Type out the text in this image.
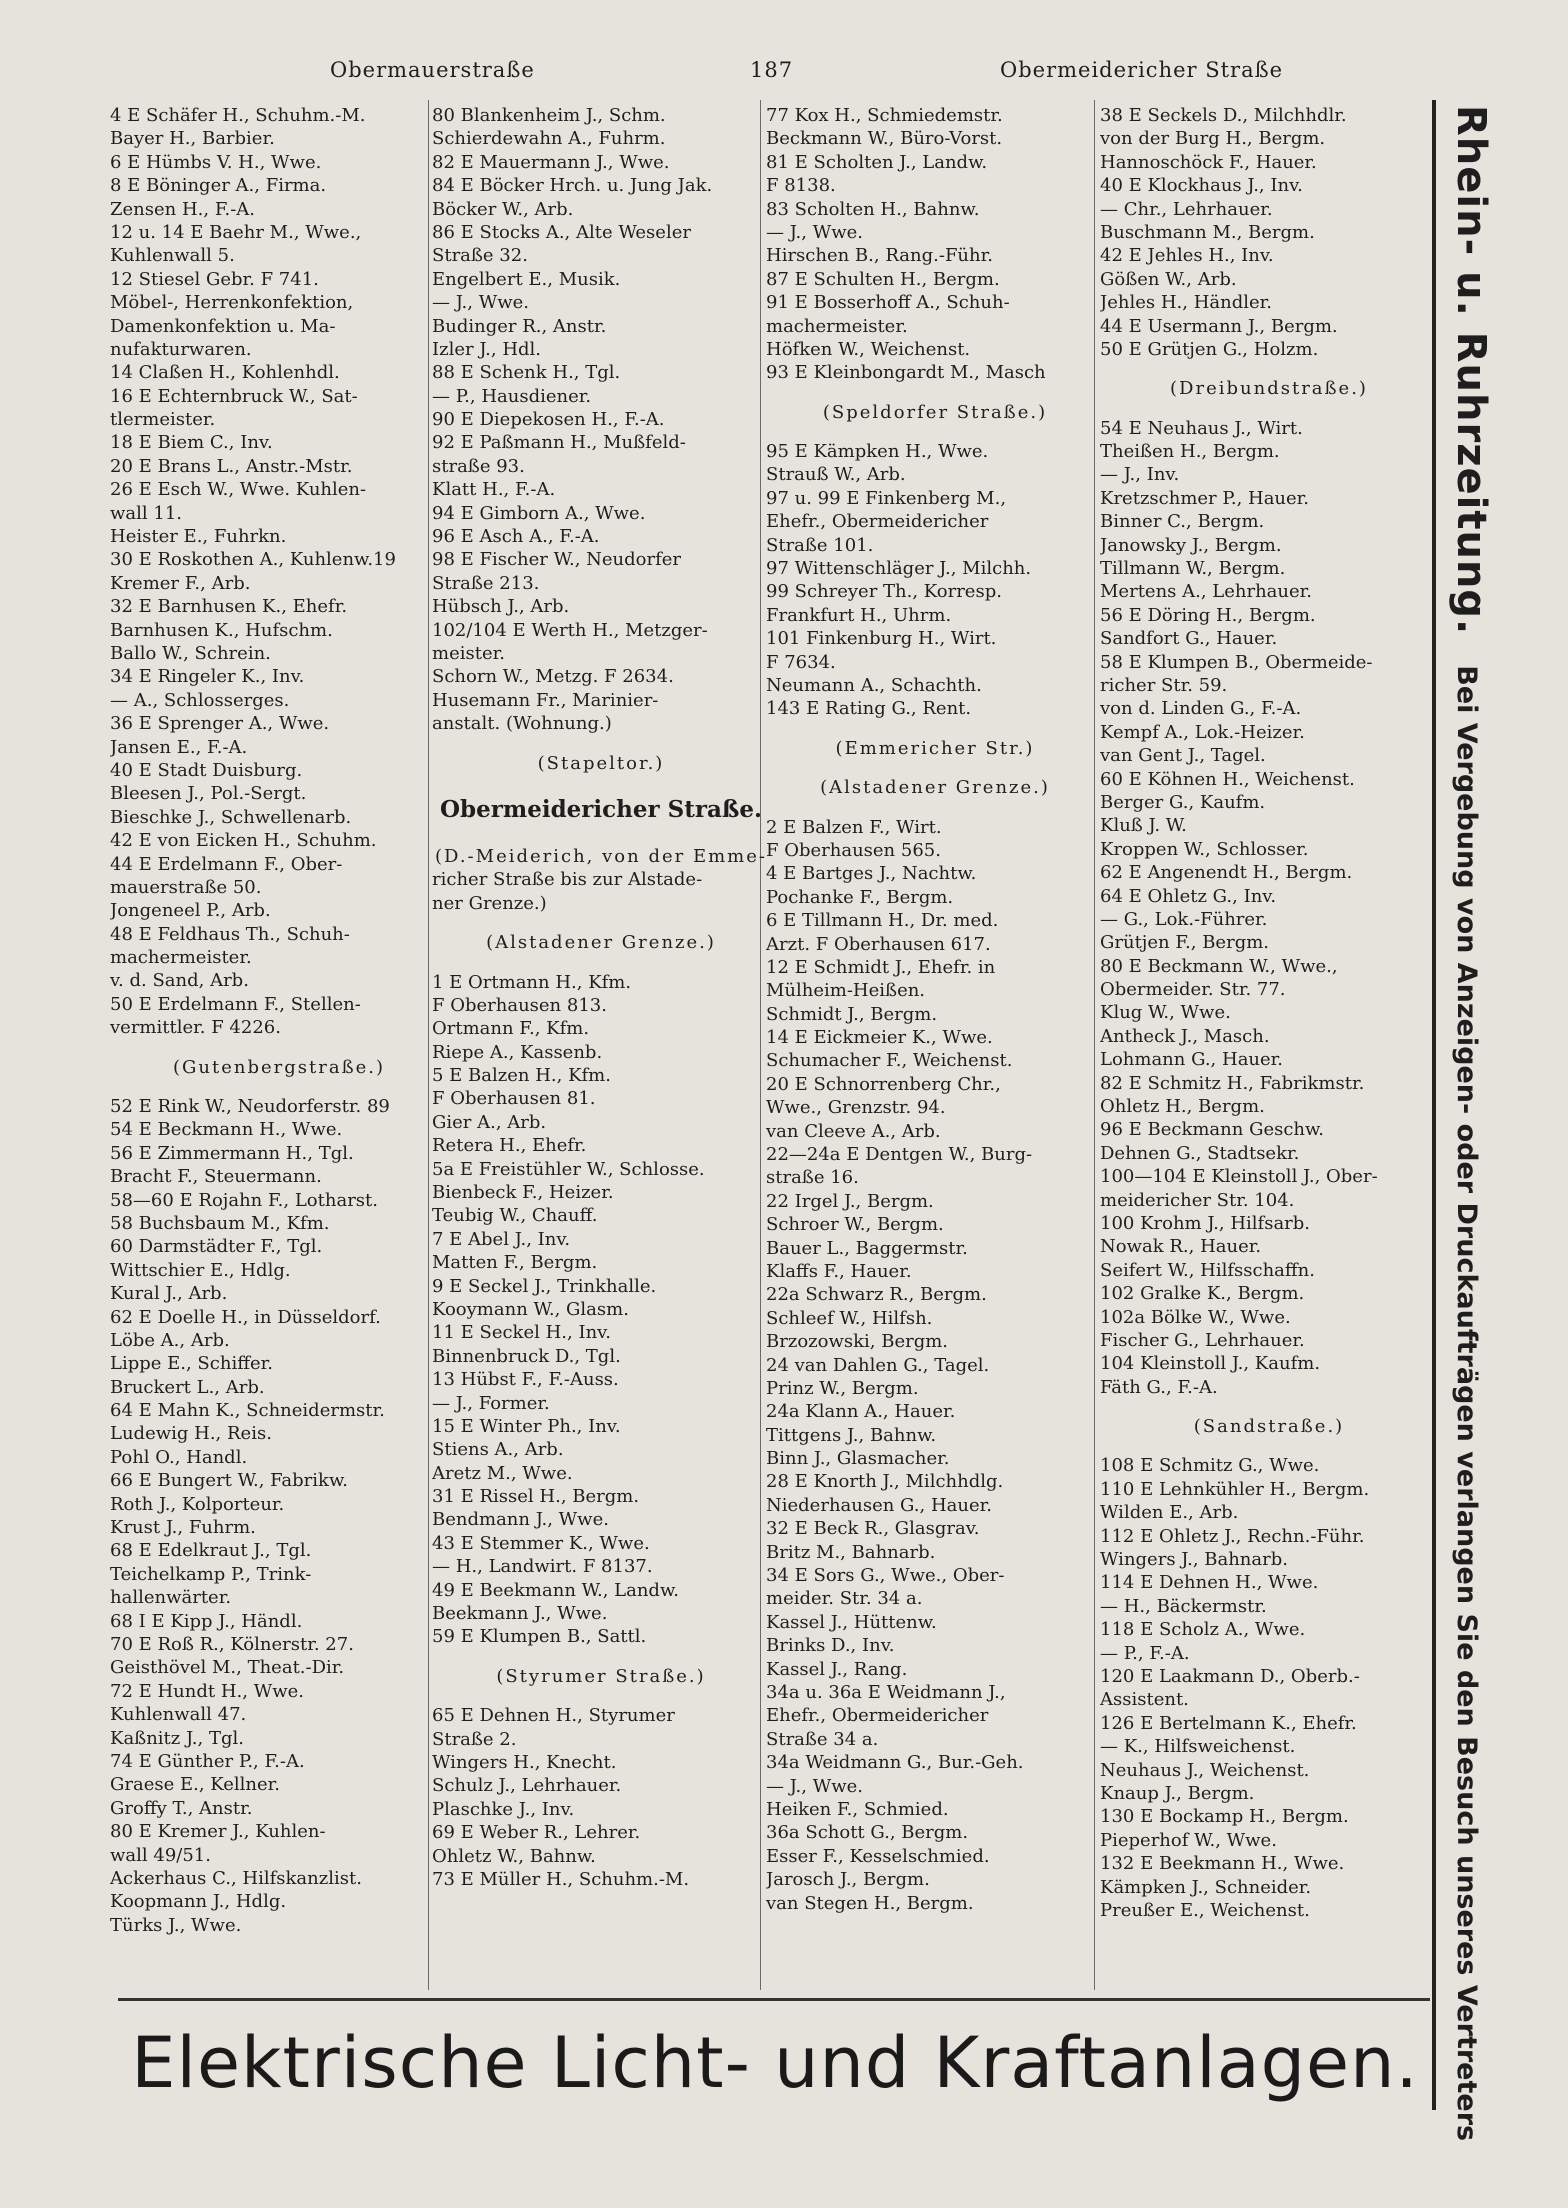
Obermauerstraße	187	Obermeidericher Straße
4 E Schäfer H., Schuhm.-M.
Bayer H., Barbier.
6 E Hümbs V. H., Wwe.
8 E Böninger A., Firma.
Zensen H., F.-A.
12 u. 14 E Baehr M., Wwe.,
Kuhlenwall 5.
12 Stiesel Gebr. F 741.
Möbel-, Herrenkonfektion,
Damenkonfektion u. Ma-
nufakturwaren.
14 Claßen H., Kohlenhdl.
16 E Echternbruck W., Sat-
tlermeister.
18 E Biem C., Inv.
20 E Brans L., Anstr.-Mstr.
26 E Esch W., Wwe. Kuhlen-
wall 11.
Heister E., Fuhrkn.
30 E Roskothen A., Kuhlenw.19
Kremer F., Arb.
32 E Barnhusen K., Ehefr.
Barnhusen K., Hufschm.
Ballo W., Schrein.
34 E Ringeler K., Inv.
— A., Schlosserges.
36 E Sprenger A., Wwe.
Jansen E., F.-A.
40 E Stadt Duisburg.
Bleesen J., Pol.-Sergt.
Bieschke J., Schwellenarb.
42 E von Eicken H., Schuhm.
44 E Erdelmann F., Ober-
mauerstraße 50.
Jongeneel P., Arb.
48 E Feldhaus Th., Schuh-
machermeister.
v. d. Sand, Arb.
50 E Erdelmann F., Stellen-
vermittler. F 4226.
(Gutenbergstraße.)
52 E Rink W., Neudorferstr. 89
54 E Beckmann H., Wwe.
56 E Zimmermann H., Tgl.
Bracht F., Steuermann.
58—60 E Rojahn F., Lotharst.
58 Buchsbaum M., Kfm.
60 Darmstädter F., Tgl.
Wittschier E., Hdlg.
Kural J., Arb.
62 E Doelle H., in Düsseldorf.
Löbe A., Arb.
Lippe E., Schiffer.
Bruckert L., Arb.
64 E Mahn K., Schneidermstr.
Ludewig H., Reis.
Pohl O., Handl.
66 E Bungert W., Fabrikw.
Roth J., Kolporteur.
Krust J., Fuhrm.
68 E Edelkraut J., Tgl.
Teichelkamp P., Trink-
hallenwärter.
68 I E Kipp J., Händl.
70 E Roß R., Kölnerstr. 27.
Geisthövel M., Theat.-Dir.
72 E Hundt H., Wwe.
Kuhlenwall 47.
Kaßnitz J., Tgl.
74 E Günther P., F.-A.
Graese E., Kellner.
Groffy T., Anstr.
80 E Kremer J., Kuhlen-
wall 49/51.
Ackerhaus C., Hilfskanzlist.
Koopmann J., Hdlg.
Türks J., Wwe.
80 Blankenheim J., Schm.
Schierdewahn A., Fuhrm.
82 E Mauermann J., Wwe.
84 E Böcker Hrch. u. Jung Jak.
Böcker W., Arb.
86 E Stocks A., Alte Weseler
Straße 32.
Engelbert E., Musik.
— J., Wwe.
Budinger R., Anstr.
Izler J., Hdl.
88 E Schenk H., Tgl.
— P., Hausdiener.
90 E Diepekosen H., F.-A.
92 E Paßmann H., Mußfeld-
straße 93.
Klatt H., F.-A.
94 E Gimborn A., Wwe.
96 E Asch A., F.-A.
98 E Fischer W., Neudorfer
Straße 213.
Hübsch J., Arb.
102/104 E Werth H., Metzger-
meister.
Schorn W., Metzg. F 2634.
Husemann Fr., Marinier-
anstalt. (Wohnung.)
(Stapeltor.)
Obermeidericher Straße.
(D.-Meiderich, von der Emme-
richer Straße bis zur Alstade-
ner Grenze.)
(Alstadener Grenze.)
1 E Ortmann H., Kfm.
F Oberhausen 813.
Ortmann F., Kfm.
Riepe A., Kassenb.
5 E Balzen H., Kfm.
F Oberhausen 81.
Gier A., Arb.
Retera H., Ehefr.
5a E Freistühler W., Schlosse.
Bienbeck F., Heizer.
Teubig W., Chauff.
7 E Abel J., Inv.
Matten F., Bergm.
9 E Seckel J., Trinkhalle.
Kooymann W., Glasm.
11 E Seckel H., Inv.
Binnenbruck D., Tgl.
13 Hübst F., F.-Auss.
— J., Former.
15 E Winter Ph., Inv.
Stiens A., Arb.
Aretz M., Wwe.
31 E Rissel H., Bergm.
Bendmann J., Wwe.
43 E Stemmer K., Wwe.
— H., Landwirt. F 8137.
49 E Beekmann W., Landw.
Beekmann J., Wwe.
59 E Klumpen B., Sattl.
(Styrumer Straße.)
65 E Dehnen H., Styrumer
Straße 2.
Wingers H., Knecht.
Schulz J., Lehrhauer.
Plaschke J., Inv.
69 E Weber R., Lehrer.
Ohletz W., Bahnw.
73 E Müller H., Schuhm.-M.
77 Kox H., Schmiedemstr.
Beckmann W., Büro-Vorst.
81 E Scholten J., Landw.
F 8138.
83 Scholten H., Bahnw.
— J., Wwe.
Hirschen B., Rang.-Führ.
87 E Schulten H., Bergm.
91 E Bosserhoff A., Schuh-
machermeister.
Höfken W., Weichenst.
93 E Kleinbongardt M., Masch
(Speldorfer Straße.)
95 E Kämpken H., Wwe.
Strauß W., Arb.
97 u. 99 E Finkenberg M.,
Ehefr., Obermeidericher
Straße 101.
97 Wittenschläger J., Milchh.
99 Schreyer Th., Korresp.
Frankfurt H., Uhrm.
101 Finkenburg H., Wirt.
F 7634.
Neumann A., Schachth.
143 E Rating G., Rent.
(Emmericher Str.)
(Alstadener Grenze.)
2 E Balzen F., Wirt.
F Oberhausen 565.
4 E Bartges J., Nachtw.
Pochanke F., Bergm.
6 E Tillmann H., Dr. med.
Arzt. F Oberhausen 617.
12 E Schmidt J., Ehefr. in
Mülheim-Heißen.
Schmidt J., Bergm.
14 E Eickmeier K., Wwe.
Schumacher F., Weichenst.
20 E Schnorrenberg Chr.,
Wwe., Grenzstr. 94.
van Cleeve A., Arb.
22—24a E Dentgen W., Burg-
straße 16.
22 Irgel J., Bergm.
Schroer W., Bergm.
Bauer L., Baggermstr.
Klaffs F., Hauer.
22a Schwarz R., Bergm.
Schleef W., Hilfsh.
Brzozowski, Bergm.
24 van Dahlen G., Tagel.
Prinz W., Bergm.
24a Klann A., Hauer.
Tittgens J., Bahnw.
Binn J., Glasmacher.
28 E Knorth J., Milchhdlg.
Niederhausen G., Hauer.
32 E Beck R., Glasgrav.
Britz M., Bahnarb.
34 E Sors G., Wwe., Ober-
meider. Str. 34 a.
Kassel J., Hüttenw.
Brinks D., Inv.
Kassel J., Rang.
34a u. 36a E Weidmann J.,
Ehefr., Obermeidericher
Straße 34 a.
34a Weidmann G., Bur.-Geh.
— J., Wwe.
Heiken F., Schmied.
36a Schott G., Bergm.
Esser F., Kesselschmied.
Jarosch J., Bergm.
van Stegen H., Bergm.
38 E Seckels D., Milchhdlr.
von der Burg H., Bergm.
Hannoschöck F., Hauer.
40 E Klockhaus J., Inv.
— Chr., Lehrhauer.
Buschmann M., Bergm.
42 E Jehles H., Inv.
Gößen W., Arb.
Jehles H., Händler.
44 E Usermann J., Bergm.
50 E Grütjen G., Holzm.
(Dreibundstraße.)
54 E Neuhaus J., Wirt.
Theißen H., Bergm.
— J., Inv.
Kretzschmer P., Hauer.
Binner C., Bergm.
Janowsky J., Bergm.
Tillmann W., Bergm.
Mertens A., Lehrhauer.
56 E Döring H., Bergm.
Sandfort G., Hauer.
58 E Klumpen B., Obermeide-
richer Str. 59.
von d. Linden G., F.-A.
Kempf A., Lok.-Heizer.
van Gent J., Tagel.
60 E Köhnen H., Weichenst.
Berger G., Kaufm.
Kluß J. W.
Kroppen W., Schlosser.
62 E Angenendt H., Bergm.
64 E Ohletz G., Inv.
— G., Lok.-Führer.
Grütjen F., Bergm.
80 E Beckmann W., Wwe.,
Obermeider. Str. 77.
Klug W., Wwe.
Antheck J., Masch.
Lohmann G., Hauer.
82 E Schmitz H., Fabrikmstr.
Ohletz H., Bergm.
96 E Beckmann Geschw.
Dehnen G., Stadtsekr.
100—104 E Kleinstoll J., Ober-
meidericher Str. 104.
100 Krohm J., Hilfsarb.
Nowak R., Hauer.
Seifert W., Hilfsschaffn.
102 Gralke K., Bergm.
102a Bölke W., Wwe.
Fischer G., Lehrhauer.
104 Kleinstoll J., Kaufm.
Fäth G., F.-A.
(Sandstraße.)
108 E Schmitz G., Wwe.
110 E Lehnkühler H., Bergm.
Wilden E., Arb.
112 E Ohletz J., Rechn.-Führ.
Wingers J., Bahnarb.
114 E Dehnen H., Wwe.
— H., Bäckermstr.
118 E Scholz A., Wwe.
— P., F.-A.
120 E Laakmann D., Oberb.-
Assistent.
126 E Bertelmann K., Ehefr.
— K., Hilfsweichenst.
Neuhaus J., Weichenst.
Knaup J., Bergm.
130 E Bockamp H., Bergm.
Pieperhof W., Wwe.
132 E Beekmann H., Wwe.
Kämpken J., Schneider.
Preußer E., Weichenst.
Rhein- u. Ruhrzeitung.Bei Vergebung von Anzeigen- oder Druckaufträgen verlangen Sie den Besuch unseres Vertreters
Elektrische Licht- und Kraftanlagen.
